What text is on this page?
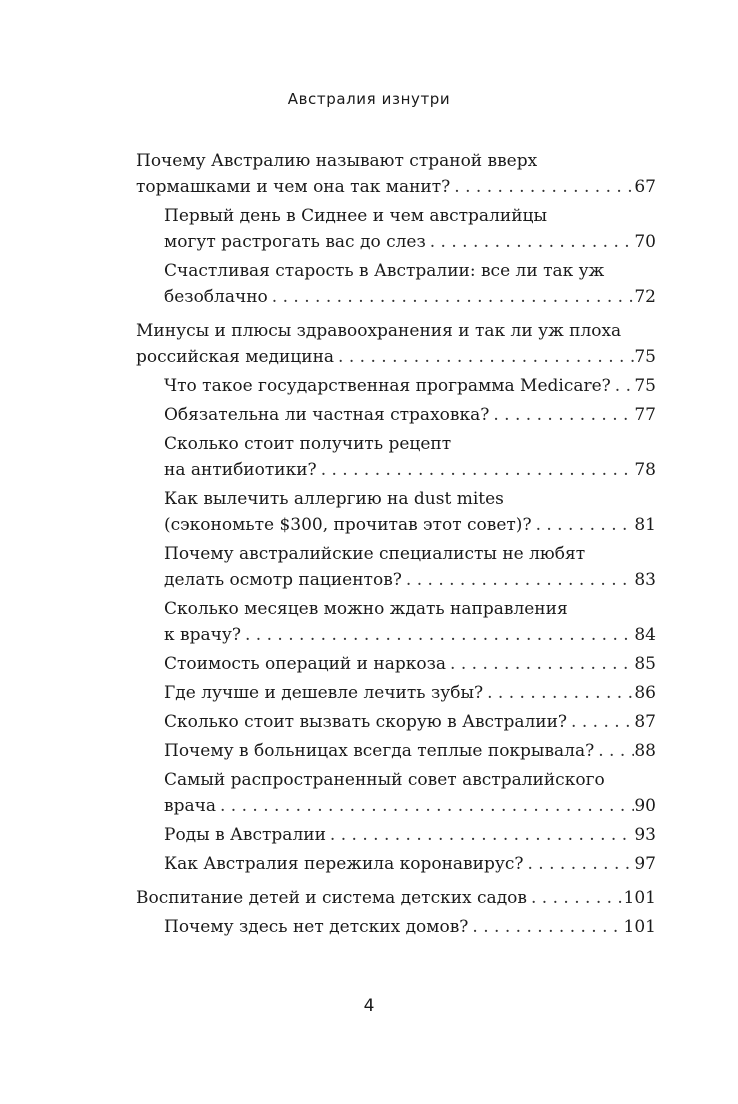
Австралия изнутри
Почему Австралию называют страной вверх
тормашками и чем она так манит? . . .	67
Первый день в Сиднее и чем австралийцы
могут растрогать вас до слез . . .	70
Счастливая старость в Австралии: все ли так уж
безоблачно . . .	72
Минусы и плюсы здравоохранения и так ли уж плоха
российская медицина . . .	75
Что такое государственная программа Medicare? . . . 75
Обязательна ли частная страховка? . . .	77
Сколько стоит получить рецепт
на антибиотики? . . .	78
Как вылечить аллергию на dust mites
(сэкономьте $300, прочитав этот совет)? . . .	81
Почему австралийские специалисты не любят
делать осмотр пациентов? . . .	83
Сколько месяцев можно ждать направления
к врачу? . . .	84
Стоимость операций и наркоза . . .	85
Где лучше и дешевле лечить зубы? . . .	86
Сколько стоит вызвать скорую в Австралии? . . .	87
Почему в больницах всегда теплые покрывала? . . . 88
Самый распространенный совет австралийского
врача . . .	90
Роды в Австралии . . .	93
Как Австралия пережила коронавирус? . . .	97
Воспитание детей и система детских садов . . .	101
Почему здесь нет детских домов? . . .	101
4
